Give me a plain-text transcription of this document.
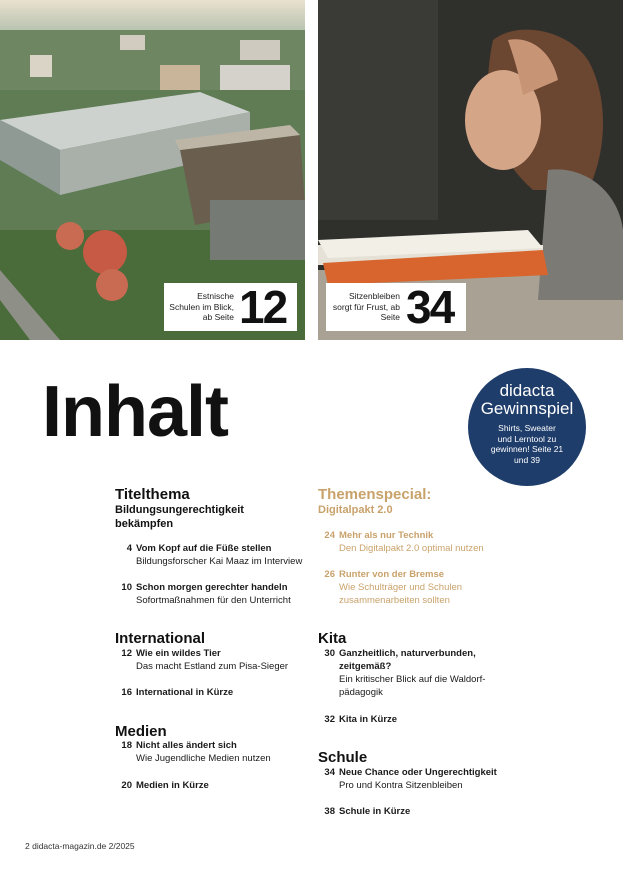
Estnische Schulen im Blick, ab Seite 12	Sitzenbleiben sorgt für Frust, ab Seite 34
Inhalt	didacta
Gewinnspiel
Shirts, Sweater und Lerntool zu gewinnen! Seite 21 und 39
Titelthema
Bildungsungerechtigkeit bekämpfen
4 Vom Kopf auf die Füße stellen
Bildungsforscher Kai Maaz im Interview
10 Schon morgen gerechter handeln
Sofortmaßnahmen für den Unterricht
International
12 Wie ein wildes Tier
Das macht Estland zum Pisa-Sieger
16 International in Kürze
Medien
18 Nicht alles ändert sich
Wie Jugendliche Medien nutzen
20 Medien in Kürze
Themenspecial:
Digitalpakt 2.0
24 Mehr als nur Technik
Den Digitalpakt 2.0 optimal nutzen
26 Runter von der Bremse
Wie Schulträger und Schulen zusammenarbeiten sollten
Kita
30 Ganzheitlich, naturverbunden, zeitgemäß?
Ein kritischer Blick auf die Waldorf-pädagogik
32 Kita in Kürze
Schule
34 Neue Chance oder Ungerechtigkeit
Pro und Kontra Sitzenbleiben
38 Schule in Kürze
2 didacta-magazin.de 2/2025
